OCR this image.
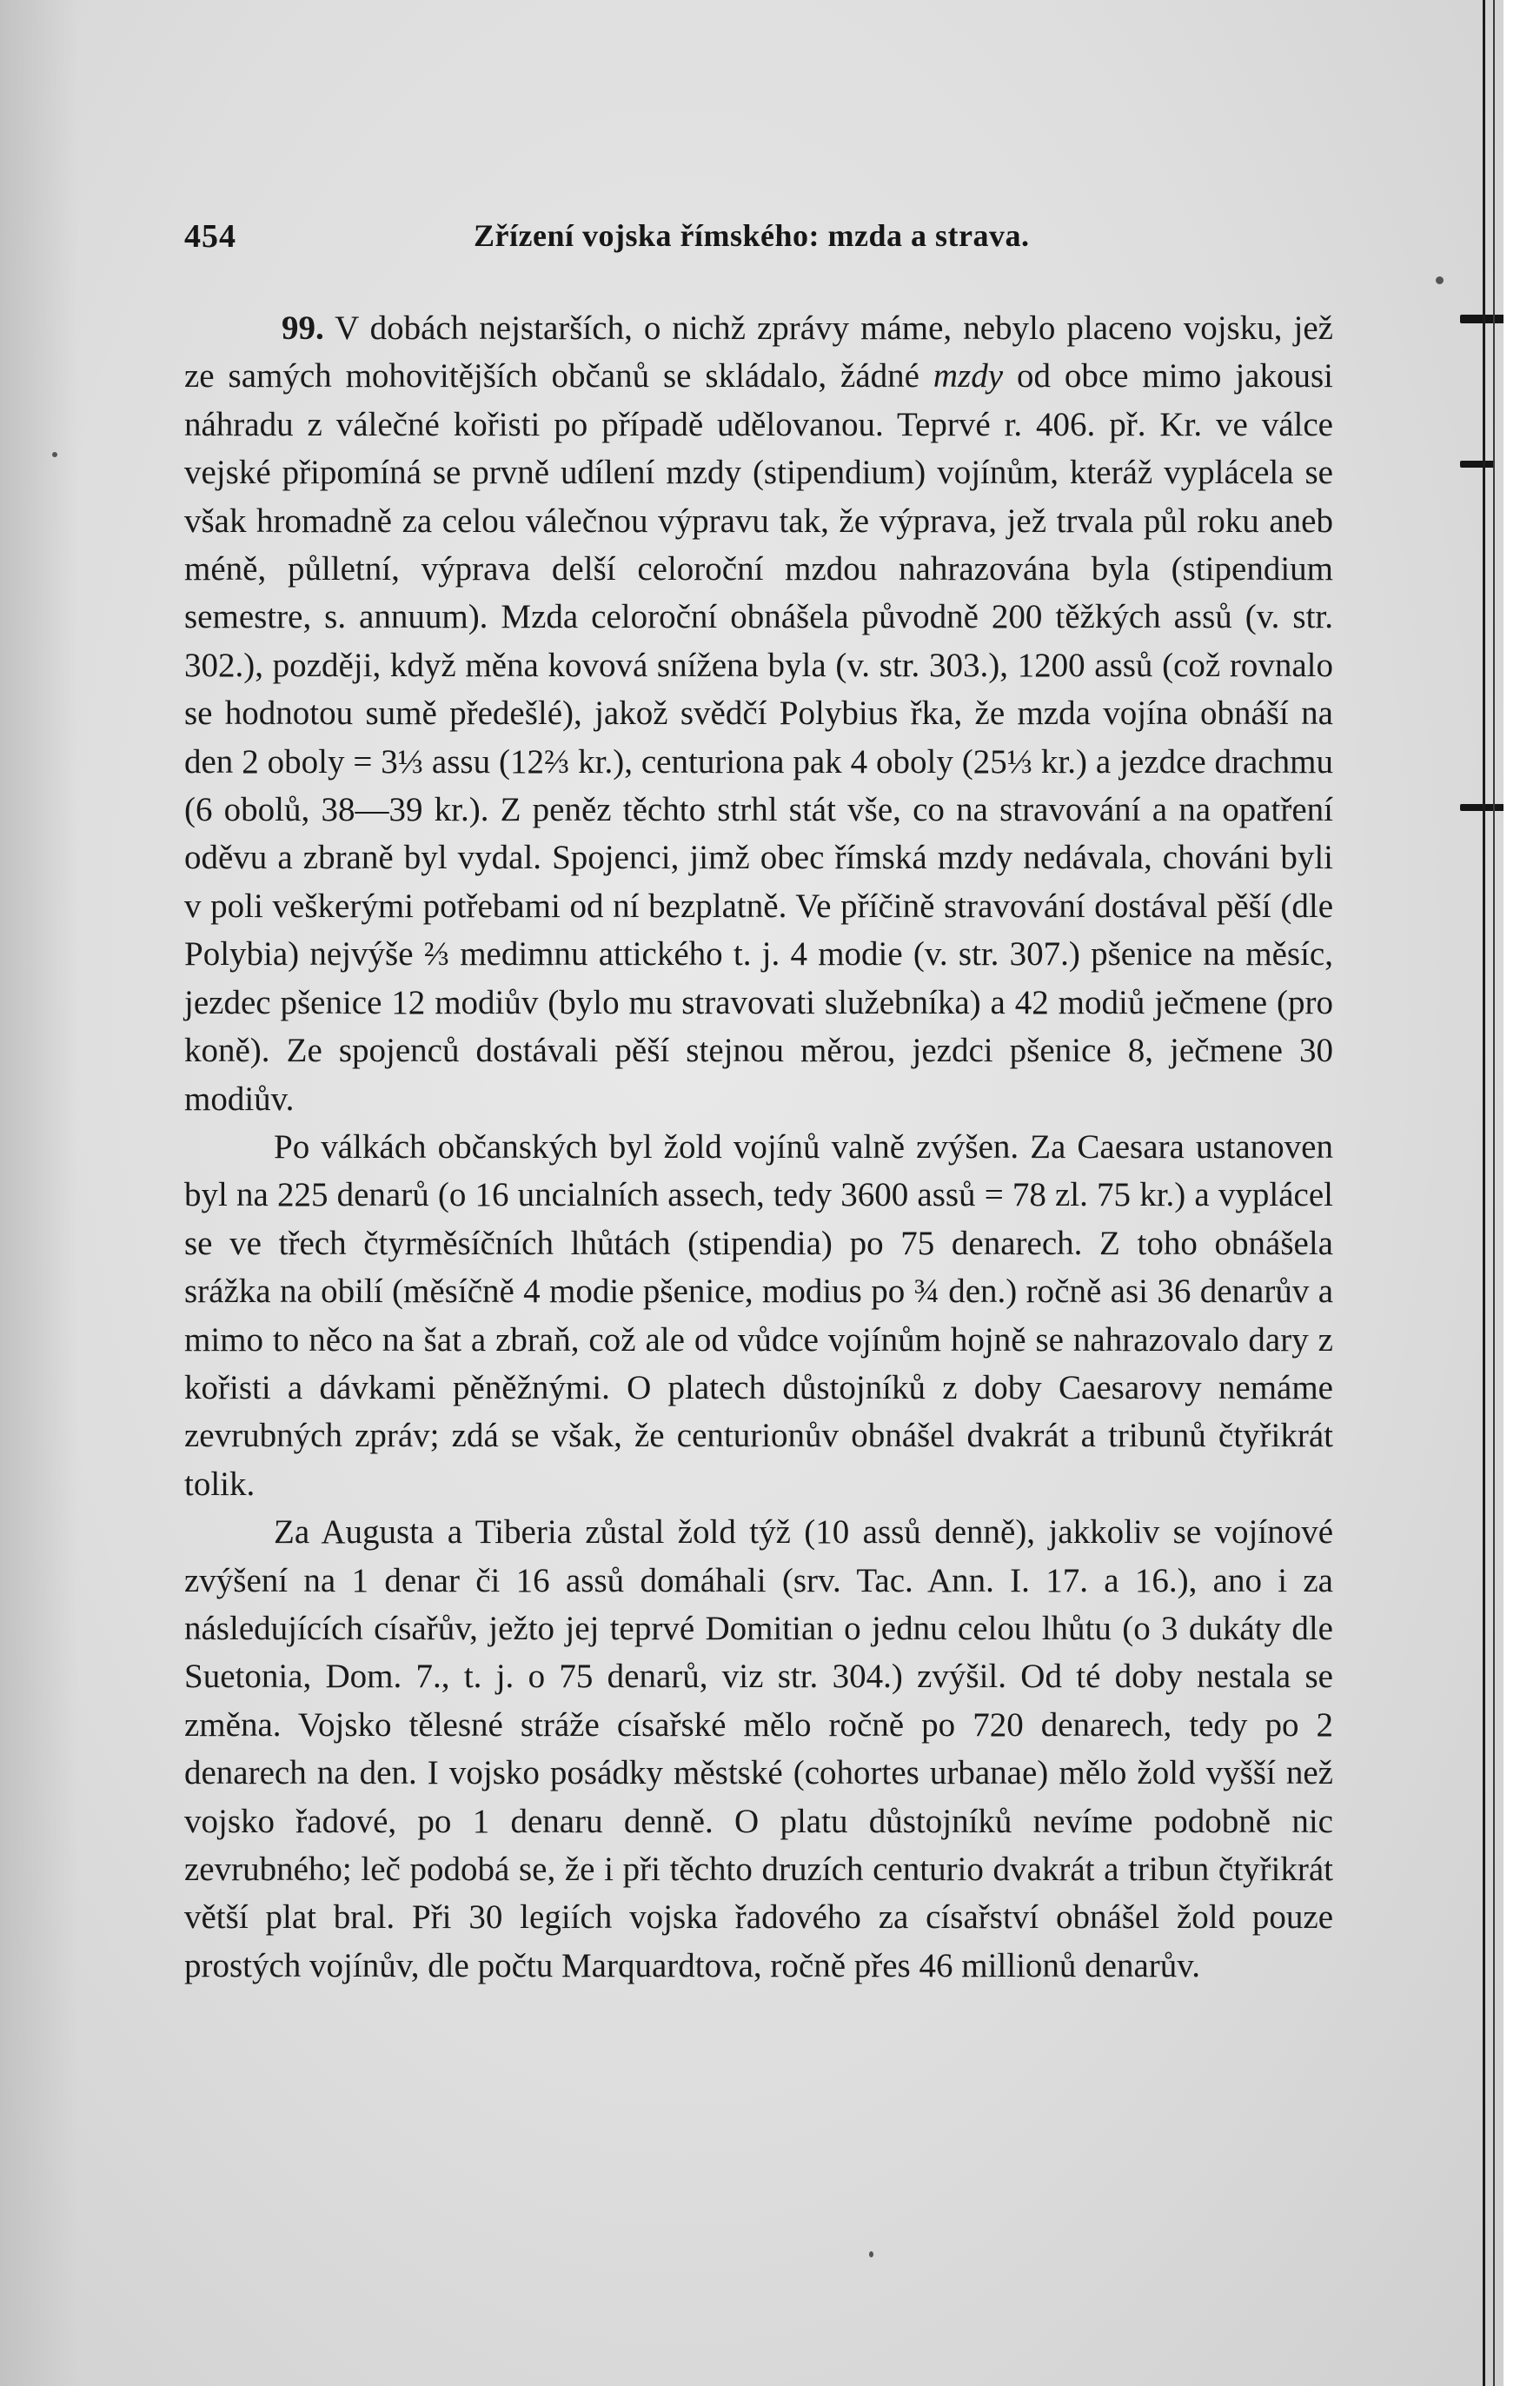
454	Zřízení vojska římského: mzda a strava.

99. V dobách nejstarších, o nichž zprávy máme, nebylo placeno vojsku, jež ze samých mohovitějších občanů se skládalo, žádné mzdy od obce mimo jakousi náhradu z válečné kořisti po případě udělovanou. Teprvé r. 406. př. Kr. ve válce vejské připomíná se prvně udílení mzdy (stipendium) vojínům, kteráž vyplácela se však hromadně za celou válečnou výpravu tak, že výprava, jež trvala půl roku aneb méně, půlletní, výprava delší celoroční mzdou nahrazována byla (stipendium semestre, s. annuum). Mzda celoroční obnášela původně 200 těžkých assů (v. str. 302.), později, když měna kovová snížena byla (v. str. 303.), 1200 assů (což rovnalo se hodnotou sumě předešlé), jakož svědčí Polybius řka, že mzda vojína obnáší na den 2 oboly = 3⅓ assu (12⅔ kr.), centuriona pak 4 oboly (25⅓ kr.) a jezdce drachmu (6 obolů, 38—39 kr.). Z peněz těchto strhl stát vše, co na stravování a na opatření oděvu a zbraně byl vydal. Spojenci, jimž obec římská mzdy nedávala, chováni byli v poli veškerými potřebami od ní bezplatně. Ve příčině stravování dostával pěší (dle Polybia) nejvýše ⅔ medimnu attického t. j. 4 modie (v. str. 307.) pšenice na měsíc, jezdec pšenice 12 modiův (bylo mu stravovati služebníka) a 42 modiů ječmene (pro koně). Ze spojenců dostávali pěší stejnou měrou, jezdci pšenice 8, ječmene 30 modiův.

Po válkách občanských byl žold vojínů valně zvýšen. Za Caesara ustanoven byl na 225 denarů (o 16 uncialních assech, tedy 3600 assů = 78 zl. 75 kr.) a vyplácel se ve třech čtyrměsíčních lhůtách (stipendia) po 75 denarech. Z toho obnášela srážka na obilí (měsíčně 4 modie pšenice, modius po ¾ den.) ročně asi 36 denarův a mimo to něco na šat a zbraň, což ale od vůdce vojínům hojně se nahrazovalo dary z kořisti a dávkami pěněžnými. O platech důstojníků z doby Caesarovy nemáme zevrubných zpráv; zdá se však, že centurionův obnášel dvakrát a tribunů čtyřikrát tolik.

Za Augusta a Tiberia zůstal žold týž (10 assů denně), jakkoliv se vojínové zvýšení na 1 denar či 16 assů domáhali (srv. Tac. Ann. I. 17. a 16.), ano i za následujících císařův, ježto jej teprvé Domitian o jednu celou lhůtu (o 3 dukáty dle Suetonia, Dom. 7., t. j. o 75 denarů, viz str. 304.) zvýšil. Od té doby nestala se změna. Vojsko tělesné stráže císařské mělo ročně po 720 denarech, tedy po 2 denarech na den. I vojsko posádky městské (cohortes urbanae) mělo žold vyšší než vojsko řadové, po 1 denaru denně. O platu důstojníků nevíme podobně nic zevrubného; leč podobá se, že i při těchto druzích centurio dvakrát a tribun čtyřikrát větší plat bral. Při 30 legiích vojska řadového za císařství obnášel žold pouze prostých vojínův, dle počtu Marquardtova, ročně přes 46 millionů denarův.
